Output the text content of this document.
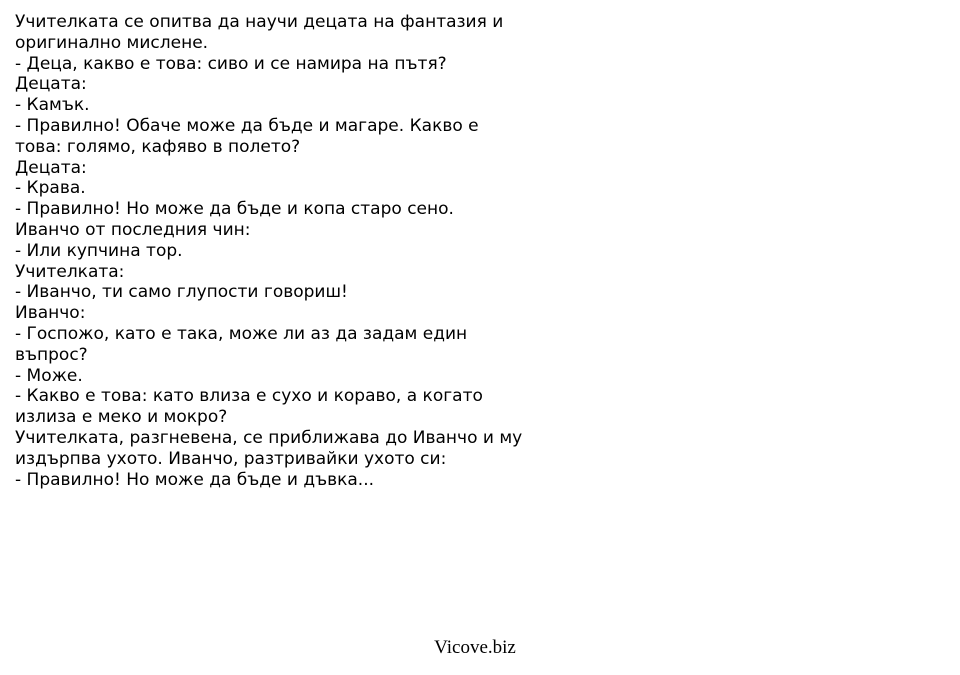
Учителката се опитва да научи децата на фантазия и
оригинално мислене.
- Деца, какво е това: сиво и се намира на пътя?
Децата:
- Камък.
- Правилно! Обаче може да бъде и магаре. Какво е
това: голямо, кафяво в полето?
Децата:
- Крава.
- Правилно! Но може да бъде и копа старо сено.
Иванчо от последния чин:
- Или купчина тор.
Учителката:
- Иванчо, ти само глупости говориш!
Иванчо:
- Госпожо, като е така, може ли аз да задам един
въпрос?
- Може.
- Какво е това: като влиза е сухо и кораво, а когато
излиза е меко и мокро?
Учителката, разгневена, се приближава до Иванчо и му
издърпва ухото. Иванчо, разтривайки ухото си:
- Правилно! Но може да бъде и дъвка...
Vicove.biz
